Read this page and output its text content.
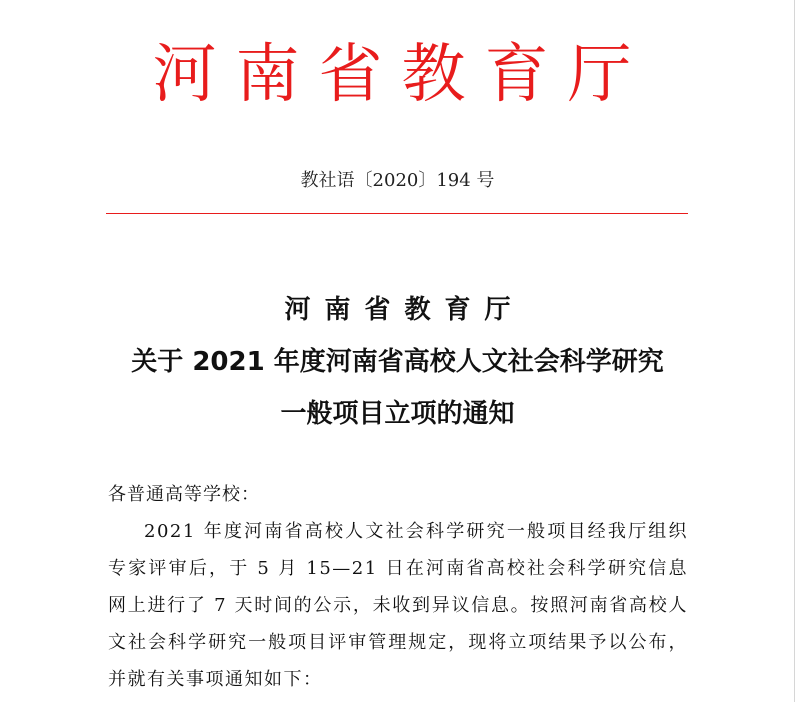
河南省教育厅
教社语〔2020〕194 号
河南省教育厅
关于 2021 年度河南省高校人文社会科学研究
一般项目立项的通知

各普通高等学校：

2021 年度河南省高校人文社会科学研究一般项目经我厅组织专家评审后，于 5 月 15—21 日在河南省高校社会科学研究信息网上进行了 7 天时间的公示，未收到异议信息。按照河南省高校人文社会科学研究一般项目评审管理规定，现将立项结果予以公布，并就有关事项通知如下：
